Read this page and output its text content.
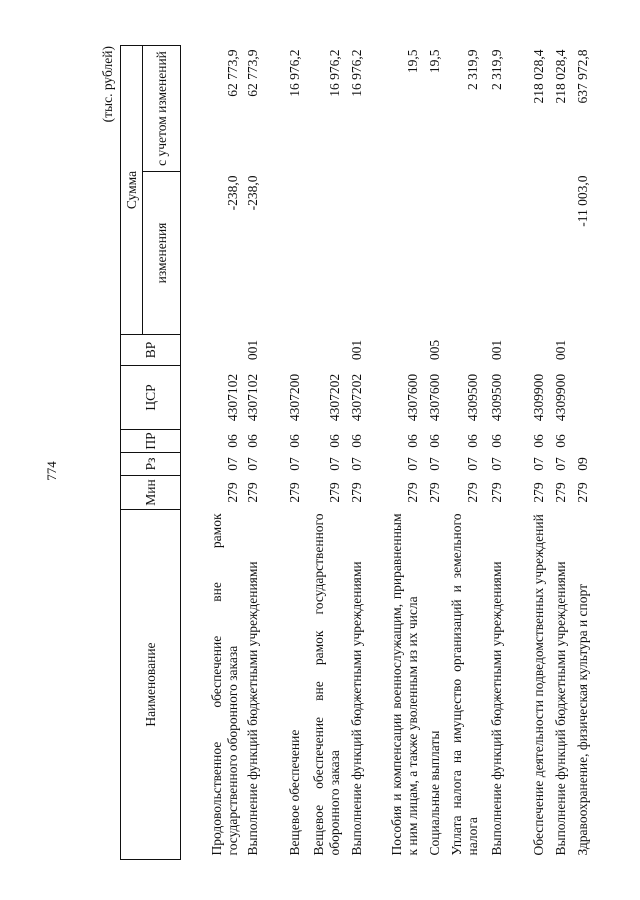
774
(тыс. рублей)
Наименование	Мин	Рз	ПР	ЦСР	ВР	Сумма	
						изменения	с учетом изменений
Продовольственное обеспечение вне рамок государственного оборонного заказа	279	07	06	4307102		-238,0	62 773,9
Выполнение функций бюджетными учреждениями	279	07	06	4307102	001	-238,0	62 773,9
Вещевое обеспечение	279	07	06	4307200			16 976,2
Вещевое обеспечение вне рамок государственного оборонного заказа	279	07	06	4307202			16 976,2
Выполнение функций бюджетными учреждениями	279	07	06	4307202	001		16 976,2
Пособия и компенсации военнослужащим, приравненным к ним лицам, а также уволенным из их числа	279	07	06	4307600			19,5
Социальные выплаты	279	07	06	4307600	005		19,5
Уплата налога на имущество организаций и земельного налога	279	07	06	4309500			2 319,9
Выполнение функций бюджетными учреждениями	279	07	06	4309500	001		2 319,9
Обеспечение деятельности подведомственных учреждений	279	07	06	4309900			218 028,4
Выполнение функций бюджетными учреждениями	279	07	06	4309900	001		218 028,4
Здравоохранение, физическая культура и спорт	279	09				-11 003,0	637 972,8
